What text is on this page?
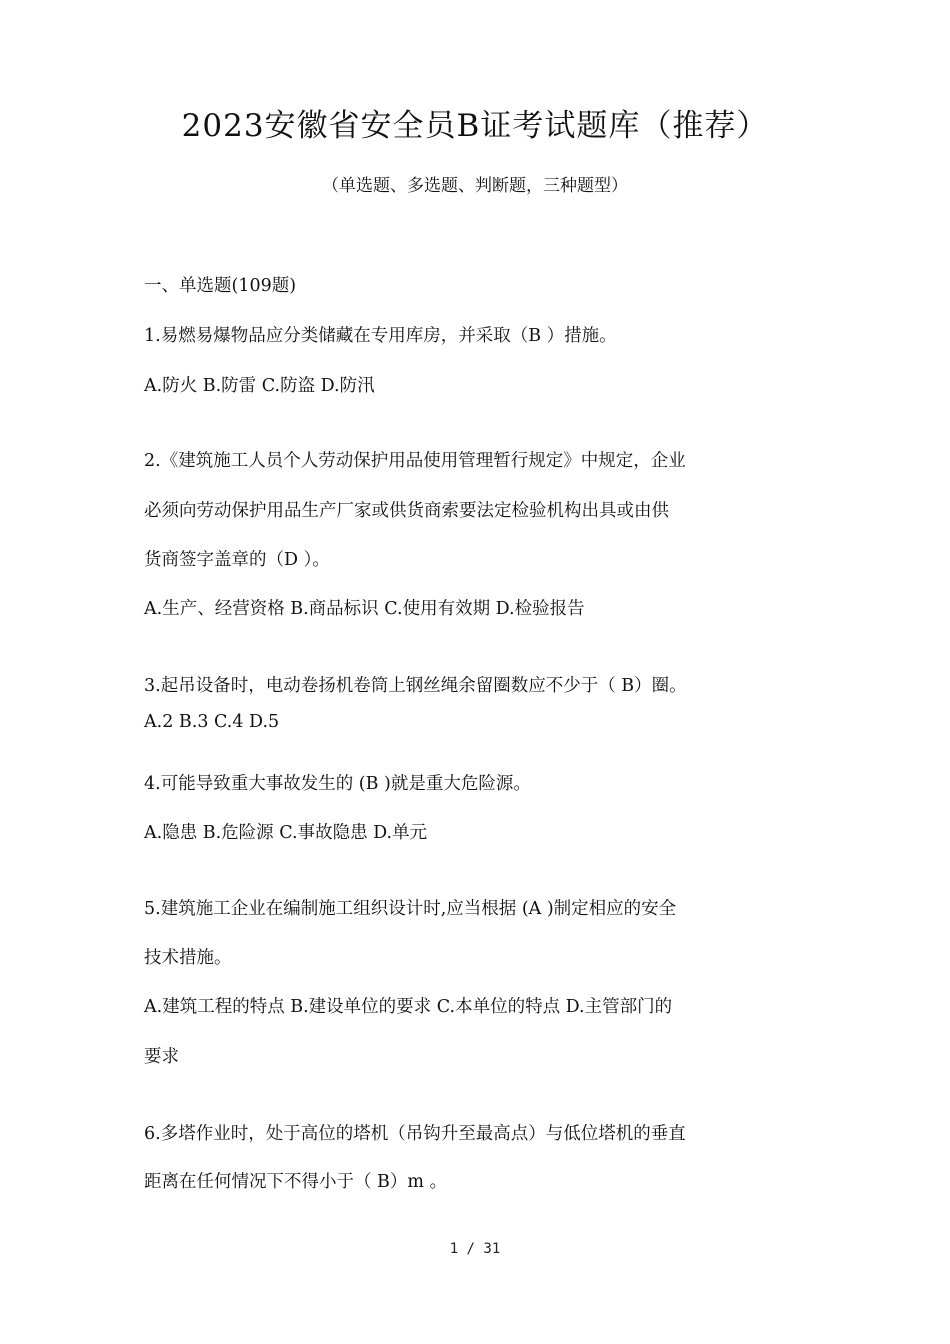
2023安徽省安全员B证考试题库（推荐）
（单选题、多选题、判断题，三种题型）
一、单选题(109题)
1.易燃易爆物品应分类储藏在专用库房，并采取（B ）措施。
A.防火 B.防雷 C.防盗 D.防汛
2.《建筑施工人员个人劳动保护用品使用管理暂行规定》中规定，企业
必须向劳动保护用品生产厂家或供货商索要法定检验机构出具或由供
货商签字盖章的（D ）。
A.生产、经营资格 B.商品标识 C.使用有效期 D.检验报告
3.起吊设备时，电动卷扬机卷筒上钢丝绳余留圈数应不少于（ B）圈。
A.2 B.3 C.4 D.5
4.可能导致重大事故发生的 (B )就是重大危险源。
A.隐患 B.危险源 C.事故隐患 D.单元
5.建筑施工企业在编制施工组织设计时,应当根据 (A )制定相应的安全
技术措施。
A.建筑工程的特点 B.建设单位的要求 C.本单位的特点 D.主管部门的
要求
6.多塔作业时，处于高位的塔机（吊钩升至最高点）与低位塔机的垂直
距离在任何情况下不得小于（ B）m 。
1 / 31
